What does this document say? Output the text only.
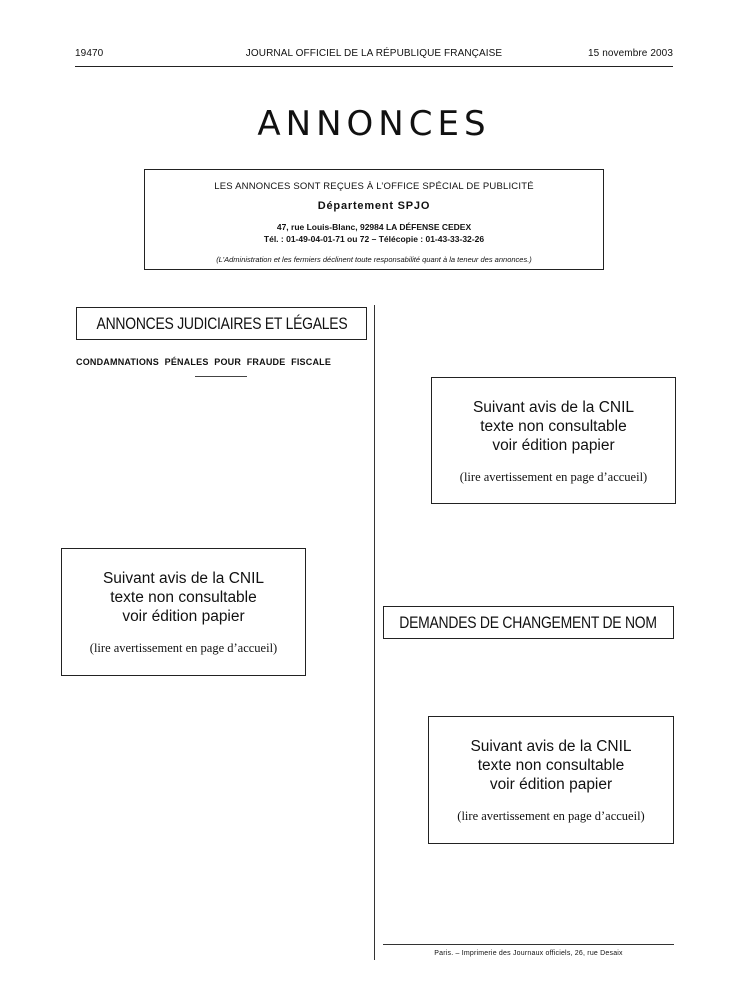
19470	JOURNAL OFFICIEL DE LA RÉPUBLIQUE FRANÇAISE	15 novembre 2003
ANNONCES
LES ANNONCES SONT REÇUES À L’OFFICE SPÉCIAL DE PUBLICITÉ
Département SPJO
47, rue Louis-Blanc, 92984 LA DÉFENSE CEDEX
Tél. : 01-49-04-01-71 ou 72 – Télécopie : 01-43-33-32-26
(L’Administration et les fermiers déclinent toute responsabilité quant à la teneur des annonces.)
ANNONCES JUDICIAIRES ET LÉGALES
CONDAMNATIONS PÉNALES POUR FRAUDE FISCALE
Suivant avis de la CNIL
texte non consultable
voir édition papier
(lire avertissement en page d’accueil)
Suivant avis de la CNIL
texte non consultable
voir édition papier
(lire avertissement en page d’accueil)
DEMANDES DE CHANGEMENT DE NOM
Suivant avis de la CNIL
texte non consultable
voir édition papier
(lire avertissement en page d’accueil)
Paris. – Imprimerie des Journaux officiels, 26, rue Desaix
